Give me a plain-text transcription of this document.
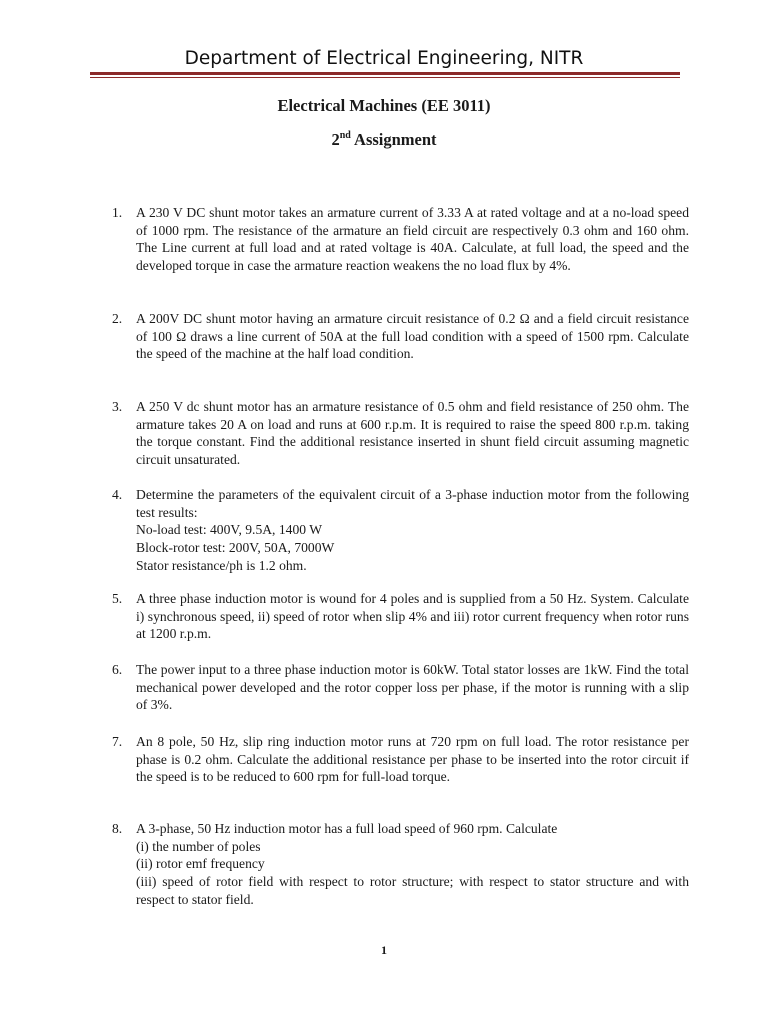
Department of Electrical Engineering, NITR
Electrical Machines (EE 3011)
2nd Assignment
1.	A 230 V DC shunt motor takes an armature current of 3.33 A at rated voltage and at a no-load speed of 1000 rpm. The resistance of the armature an field circuit are respectively 0.3 ohm and 160 ohm. The Line current at full load and at rated voltage is 40A. Calculate, at full load, the speed and the developed torque in case the armature reaction weakens the no load flux by 4%.
2.	A 200V DC shunt motor having an armature circuit resistance of 0.2 Ω and a field circuit resistance of 100 Ω draws a line current of 50A at the full load condition with a speed of 1500 rpm. Calculate the speed of the machine at the half load condition.
3.	A 250 V dc shunt motor has an armature resistance of 0.5 ohm and field resistance of 250 ohm. The armature takes 20 A on load and runs at 600 r.p.m. It is required to raise the speed 800 r.p.m. taking the torque constant. Find the additional resistance inserted in shunt field circuit assuming magnetic circuit unsaturated.
4.	Determine the parameters of the equivalent circuit of a 3-phase induction motor from the following test results:
No-load test: 400V, 9.5A, 1400 W
Block-rotor test: 200V, 50A, 7000W
Stator resistance/ph is 1.2 ohm.
5.	A three phase induction motor is wound for 4 poles and is supplied from a 50 Hz. System. Calculate i) synchronous speed, ii) speed of rotor when slip 4% and iii) rotor current frequency when rotor runs at 1200 r.p.m.
6.	The power input to a three phase induction motor is 60kW. Total stator losses are 1kW. Find the total mechanical power developed and the rotor copper loss per phase, if the motor is running with a slip of 3%.
7.	An 8 pole, 50 Hz, slip ring induction motor runs at 720 rpm on full load. The rotor resistance per phase is 0.2 ohm. Calculate the additional resistance per phase to be inserted into the rotor circuit if the speed is to be reduced to 600 rpm for full-load torque.
8.	A 3-phase, 50 Hz induction motor has a full load speed of 960 rpm. Calculate
(i) the number of poles
(ii) rotor emf frequency
(iii) speed of rotor field with respect to rotor structure; with respect to stator structure and with respect to stator field.
1
